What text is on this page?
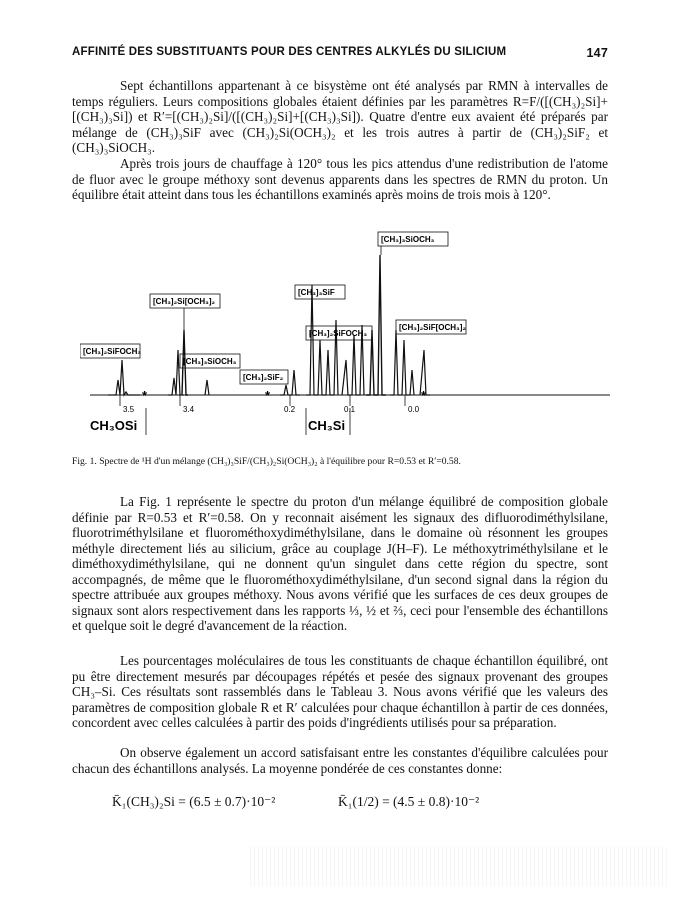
AFFINITÉ DES SUBSTITUANTS POUR DES CENTRES ALKYLÉS DU SILICIUM	147

Sept échantillons appartenant à ce bisystème ont été analysés par RMN à intervalles de temps réguliers. Leurs compositions globales étaient définies par les paramètres R=F/([(CH₃)₂Si]+[(CH₃)₃Si]) et R′=[(CH₃)₂Si]/([(CH₃)₂Si]+[(CH₃)₃Si]). Quatre d'entre eux avaient été préparés par mélange de (CH₃)₃SiF avec (CH₃)₂Si(OCH₃)₂ et les trois autres à partir de (CH₃)₂SiF₂ et (CH₃)₃SiOCH₃.

Après trois jours de chauffage à 120° tous les pics attendus d'une redistribution de l'atome de fluor avec le groupe méthoxy sont devenus apparents dans les spectres de RMN du proton. Un équilibre était atteint dans tous les échantillons examinés après moins de trois mois à 120°.

*	*	*
[CH₃]₃SiOCH₃
[CH₃]₃SiF
[CH₃]₂Si[OCH₃]₂
[CH₃]₂SiFOCH₃
[CH₃]₂SiFOCH₃
[CH₃]₂SiF[OCH₃]₂
[CH₃]₃SiOCH₃
[CH₃]₂SiF₂
3.5	3.4	0.2	0.1	0.0
CH₃OSi	CH₃Si
Fig. 1. Spectre de ¹H d'un mélange (CH₃)₃SiF/(CH₃)₂Si(OCH₃)₂ à l'équilibre pour R=0.53 et R′=0.58.

La Fig. 1 représente le spectre du proton d'un mélange équilibré de composition globale définie par R=0.53 et R′=0.58. On y reconnait aisément les signaux des difluorodiméthylsilane, fluorotriméthylsilane et fluorométhoxydiméthylsilane, dans le domaine où résonnent les groupes méthyle directement liés au silicium, grâce au couplage J(H–F). Le méthoxytriméthylsilane et le diméthoxydiméthylsilane, qui ne donnent qu'un singulet dans cette région du spectre, sont accompagnés, de même que le fluorométhoxydiméthylsilane, d'un second signal dans la région du spectre attribuée aux groupes méthoxy. Nous avons vérifié que les surfaces de ces deux groupes de signaux sont alors respectivement dans les rapports ⅓, ½ et ⅔, ceci pour l'ensemble des échantillons et quelque soit le degré d'avancement de la réaction.

Les pourcentages moléculaires de tous les constituants de chaque échantillon équilibré, ont pu être directement mesurés par découpages répétés et pesée des signaux provenant des groupes CH₃–Si. Ces résultats sont rassemblés dans le Tableau 3. Nous avons vérifié que les valeurs des paramètres de composition globale R et R′ calculées pour chaque échantillon à partir de ces données, concordent avec celles calculées à partir des poids d'ingrédients utilisés pour sa préparation.

On observe également un accord satisfaisant entre les constantes d'équilibre calculées pour chacun des échantillons analysés. La moyenne pondérée de ces constantes donne:

K̄₁(CH₃)₂Si = (6.5 ± 0.7)·10⁻²	K̄₁(1/2) = (4.5 ± 0.8)·10⁻²
